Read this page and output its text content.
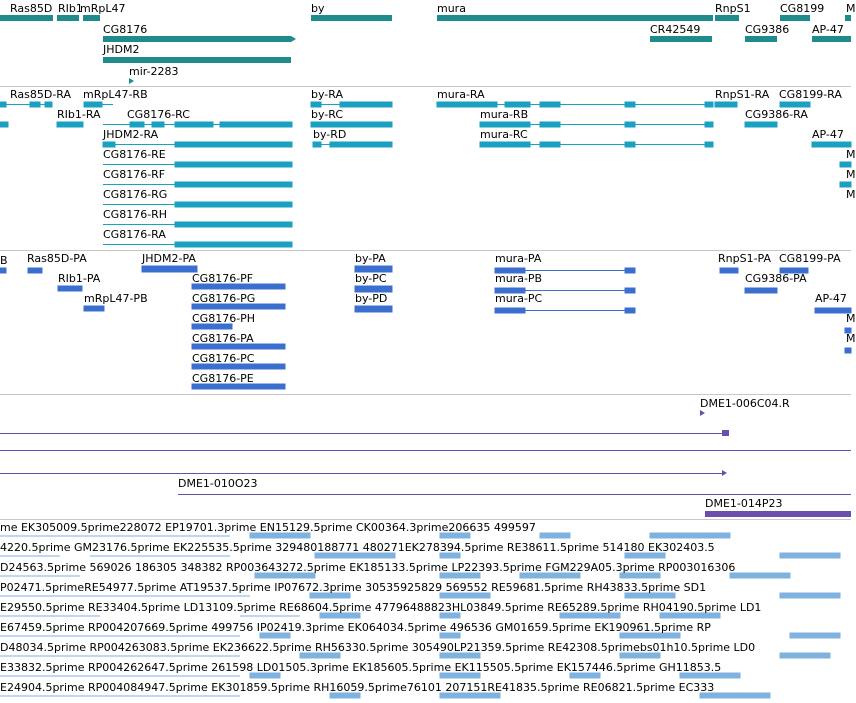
Ras85D RIb1
mRpL47
CG8176
JHDM2
mir-2283
by	mura
CR42549
RnpS1
CG9386
CG8199
AP-47
M
Ras85D-RA mRpL47-RB
RIb1-RA CG8176-RC
JHDM2-RA
CG8176-RE
CG8176-RF
CG8176-RG
CG8176-RH
CG8176-RA
by-RA
by-RC
by-RD
mura-RA
mura-RB
mura-RC
RnpS1-RA CG8199-RA
CG9386-RA
AP-47
M
M
M
B Ras85D-PA
RIb1-PA
mRpL47-PB
JHDM2-PA
CG8176-PF
CG8176-PG
CG8176-PH
CG8176-PA
CG8176-PC
CG8176-PE
by-PA
by-PC
by-PD
mura-PA
mura-PB
mura-PC
RnpS1-PA CG8199-PA
CG9386-PA
AP-47
M
M
DME1-006C04.R
DME1-010O23
DME1-014P23
me EK305009.5prime228072 EP19701.3prime EN15129.5prime CK00364.3prime206635 499597
4220.5prime GM23176.5prime EK225535.5prime 329480188771 480271EK278394.5prime RE38611.5prime 514180 EK302403.5
D24563.5prime 569026 186305 348382 RP003643272.5prime EK185133.5prime LP22393.5prime FGM229A05.3prime RP003016306
P02471.5primeRE54977.5prime AT19537.5prime IP07672.3prime 30535925829 569552 RE59681.5prime RH43833.5prime SD1
E29550.5prime RE33404.5prime LD13109.5prime RE68604.5prime 47796488823HL03849.5prime RE65289.5prime RH04190.5prime LD1
E67459.5prime RP004207669.5prime 499756 IP02419.3prime EK064034.5prime 496536 GM01659.5prime EK190961.5prime RP
D48034.5prime RP004263083.5prime EK236622.5prime RH56330.5prime 305490LP21359.5prime RE42308.5primebs01h10.5prime LD0
E33832.5prime RP004262647.5prime 261598 LD01505.3prime EK185605.5prime EK115505.5prime EK157446.5prime GH11853.5
E24904.5prime RP004084947.5prime EK301859.5prime RH16059.5prime76101 207151RE41835.5prime RE06821.5prime EC333
